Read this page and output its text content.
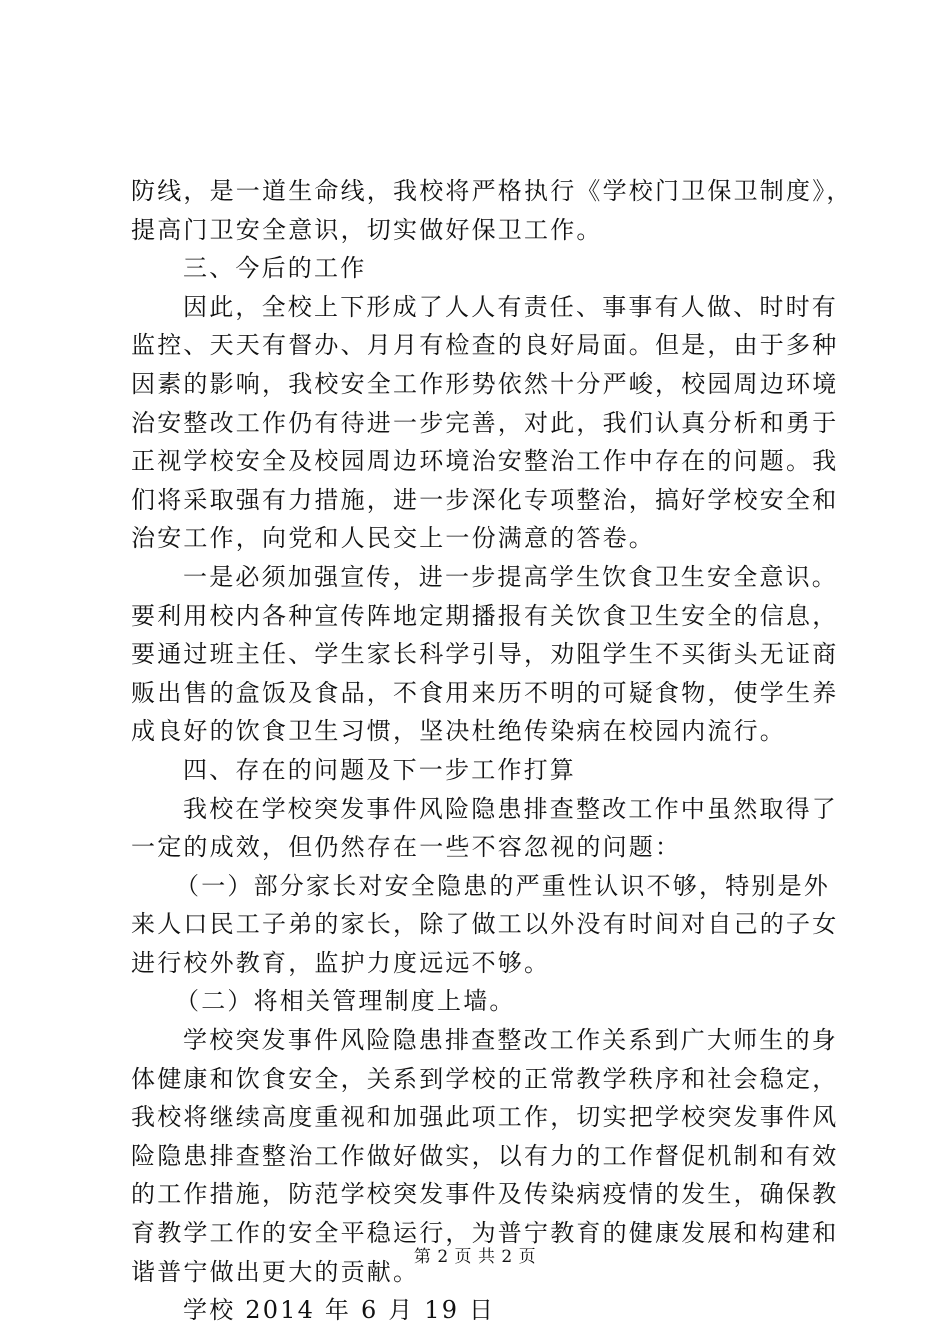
防线，是一道生命线，我校将严格执行《学校门卫保卫制度》，
提高门卫安全意识，切实做好保卫工作。
三、今后的工作
因此，全校上下形成了人人有责任、事事有人做、时时有
监控、天天有督办、月月有检查的良好局面。但是，由于多种
因素的影响，我校安全工作形势依然十分严峻，校园周边环境
治安整改工作仍有待进一步完善，对此，我们认真分析和勇于
正视学校安全及校园周边环境治安整治工作中存在的问题。我
们将采取强有力措施，进一步深化专项整治，搞好学校安全和
治安工作，向党和人民交上一份满意的答卷。
一是必须加强宣传，进一步提高学生饮食卫生安全意识。
要利用校内各种宣传阵地定期播报有关饮食卫生安全的信息，
要通过班主任、学生家长科学引导，劝阻学生不买街头无证商
贩出售的盒饭及食品，不食用来历不明的可疑食物，使学生养
成良好的饮食卫生习惯，坚决杜绝传染病在校园内流行。
四、存在的问题及下一步工作打算
我校在学校突发事件风险隐患排查整改工作中虽然取得了
一定的成效，但仍然存在一些不容忽视的问题：
（一）部分家长对安全隐患的严重性认识不够，特别是外
来人口民工子弟的家长，除了做工以外没有时间对自己的子女
进行校外教育，监护力度远远不够。
（二）将相关管理制度上墙。
学校突发事件风险隐患排查整改工作关系到广大师生的身
体健康和饮食安全，关系到学校的正常教学秩序和社会稳定，
我校将继续高度重视和加强此项工作，切实把学校突发事件风
险隐患排查整治工作做好做实，以有力的工作督促机制和有效
的工作措施，防范学校突发事件及传染病疫情的发生，确保教
育教学工作的安全平稳运行，为普宁教育的健康发展和构建和
谐普宁做出更大的贡献。
学校 2014 年 6 月 19 日
第 2 页 共 2 页
